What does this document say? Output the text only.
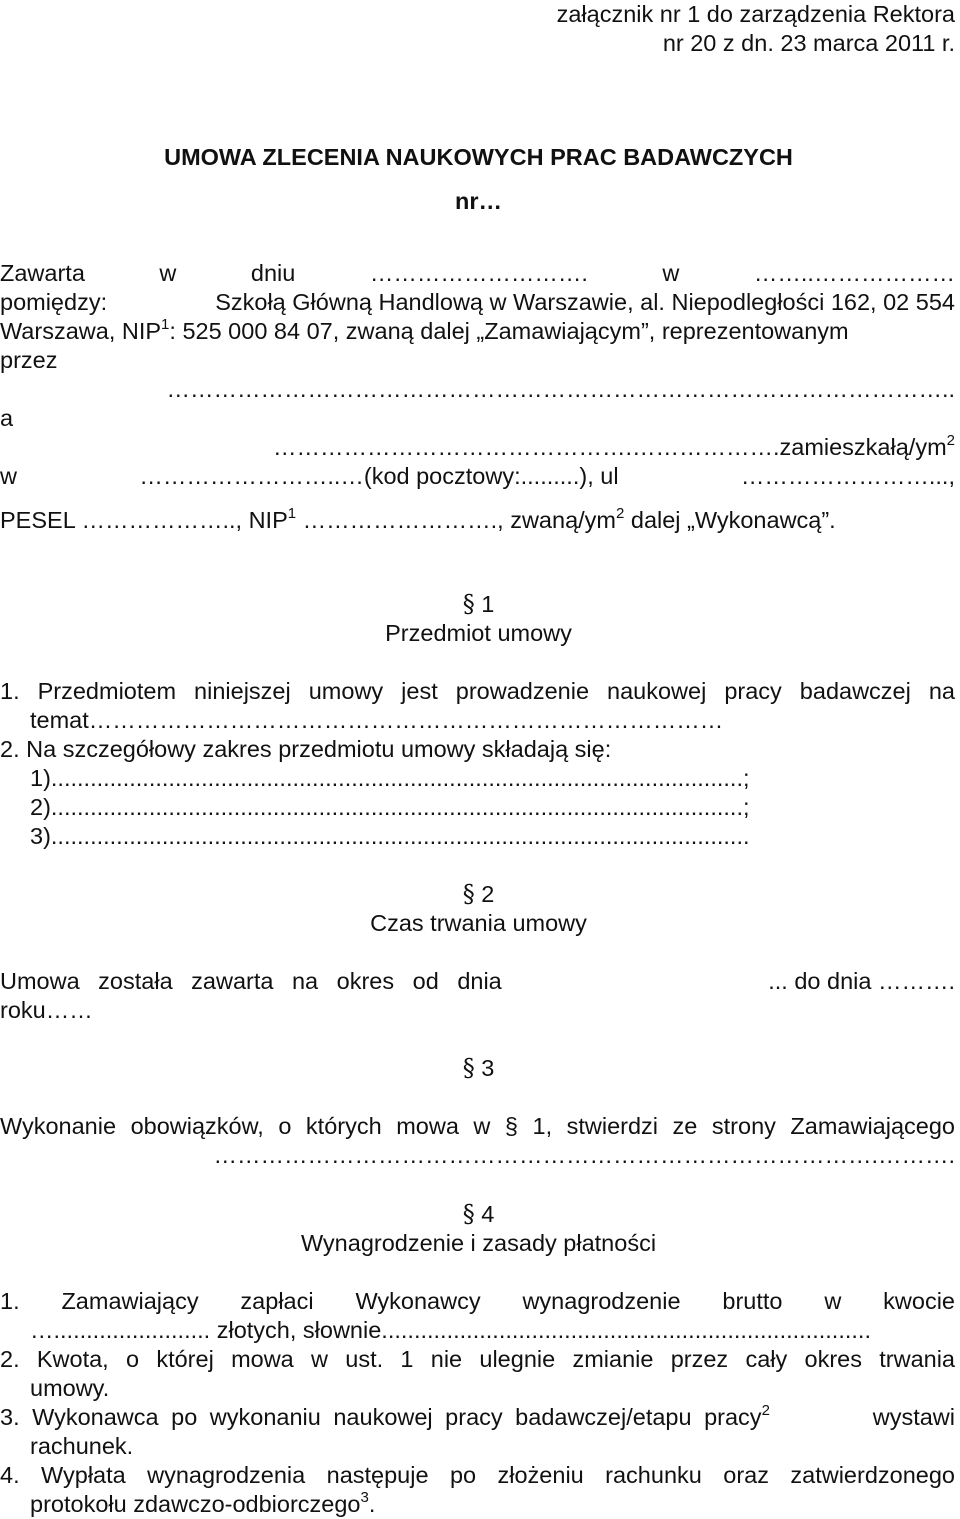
załącznik nr 1 do zarządzenia Rektora
nr 20 z dn. 23 marca 2011 r.
UMOWA ZLECENIA NAUKOWYCH PRAC BADAWCZYCH
nr…
Zawarta	w	dniu	……………………….	w	……..………………
pomiędzy:	Szkołą Główną Handlową w Warszawie, al. Niepodległości 162, 02 554
Warszawa, NIP$^1$: 525 000 84 07, zwaną dalej „Zamawiającym”, reprezentowanym
przez
………………………………………………………………………………………..
a
$\dots\dots\dots\dots\dots\dots\dots\dots\dots\dots\dots\dots\dots\dots\dots.\dots\dots\dots\dots\dots\dots.zamieszkałą/ym^2$
w	……………………..…(kod pocztowy:.........), ul	……………………...,
PESEL ……………….., NIP$^1$ ……………………., zwaną/$ym^2$ dalej „Wykonawcą”.
§ 1
Przedmiot umowy
1. Przedmiotem niniejszej umowy jest prowadzenie naukowej pracy badawczej na
temat………………………………………………………………………
2. Na szczegółowy zakres przedmiotu umowy składają się:
1)..........................................................................................................;
2)..........................................................................................................;
3)...........................................................................................................
§ 2
Czas trwania umowy
Umowa została zawarta na okres od dnia	... do dnia ……….
roku……
§ 3
Wykonanie obowiązków, o których mowa w § 1, stwierdzi ze strony Zamawiającego
………………………………………………………………………….……….
§ 4
Wynagrodzenie i zasady płatności
1. Zamawiający zapłaci Wykonawcy wynagrodzenie brutto w kwocie
…........................ złotych, słownie...........................................................................
2. Kwota, o której mowa w ust. 1 nie ulegnie zmianie przez cały okres trwania
umowy.
3. Wykonawca po wykonaniu naukowej pracy badawczej/etapu pracy$^2$	wystawi
rachunek.
4. Wypłata wynagrodzenia następuje po złożeniu rachunku oraz zatwierdzonego
protokołu zdawczo-odbiorczego$^3$.
